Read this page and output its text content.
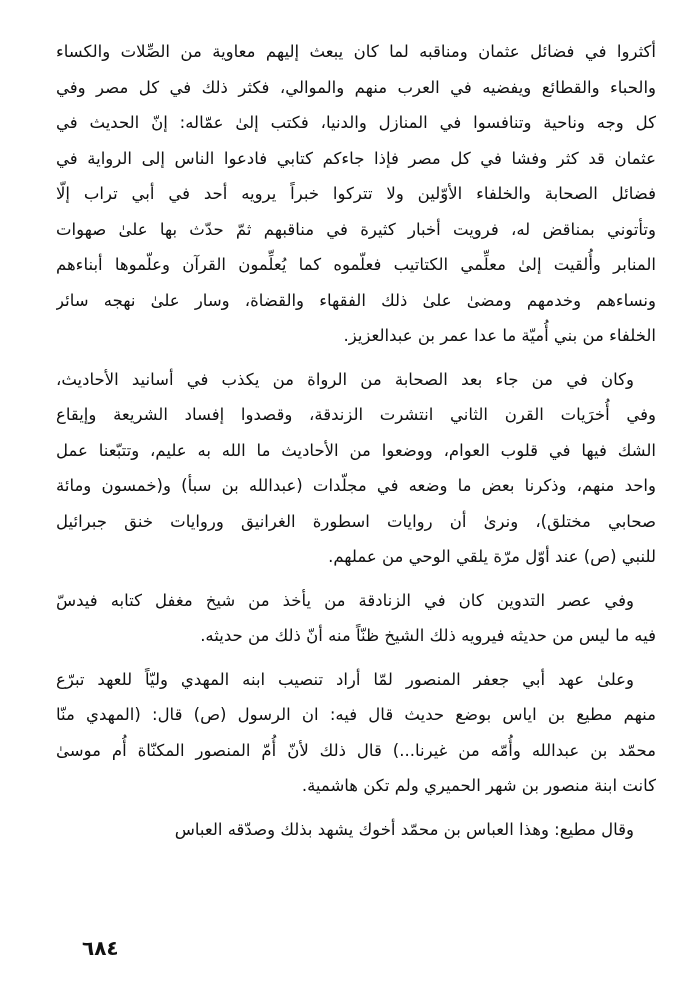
أكثروا في فضائل عثمان ومناقبه لما كان يبعث إليهم معاوية من الصِّلات والكساء
والحباء والقطائع ويفضيه في العرب منهم والموالي، فكثر ذلك في كل مصر وفي
كل وجه وناحية وتنافسوا في المنازل والدنيا، فكتب إلىٰ عمّاله: إنّ الحديث في
عثمان قد كثر وفشا في كل مصر فإذا جاءكم كتابي فادعوا الناس إلى الرواية في
فضائل الصحابة والخلفاء الأوّلين ولا تتركوا خبراً يرويه أحد في أبي تراب إلّا
وتأتوني بمناقض له، فرويت أخبار كثيرة في مناقبهم ثمّ حدّث بها علىٰ صهوات
المنابر وأُلقيت إلىٰ معلِّمي الكتاتيب فعلّموه كما يُعلِّمون القرآن وعلّموها أبناءهم
ونساءهم وخدمهم ومضىٰ علىٰ ذلك الفقهاء والقضاة، وسار علىٰ نهجه سائر
الخلفاء من بني أُميّة ما عدا عمر بن عبدالعزيز.
وكان في من جاء بعد الصحابة من الرواة من يكذب في أسانيد الأحاديث،
وفي أُخرَيات القرن الثاني انتشرت الزندقة، وقصدوا إفساد الشريعة وإيقاع
الشك فيها في قلوب العوام، ووضعوا من الأحاديث ما الله به عليم، وتتبّعنا عمل
واحد منهم، وذكرنا بعض ما وضعه في مجلّدات (عبدالله بن سبأ) و(خمسون ومائة
صحابي مختلق)، ونرىٰ أن روايات اسطورة الغرانيق وروايات خنق جبرائيل
للنبي (ص) عند أوّل مرّة يلقي الوحي من عملهم.
وفي عصر التدوين كان في الزنادقة من يأخذ من شيخ مغفل كتابه فيدسّ
فيه ما ليس من حديثه فيرويه ذلك الشيخ ظنّاً منه أنّ ذلك من حديثه.
وعلىٰ عهد أبي جعفر المنصور لمّا أراد تنصيب ابنه المهدي وليّاً للعهد تبرّع
منهم مطيع بن اياس بوضع حديث قال فيه: ان الرسول (ص) قال: (المهدي منّا
محمّد بن عبدالله وأُمّه من غيرنا...) قال ذلك لأنّ أُمّ المنصور المكنّاة أُم موسىٰ
كانت ابنة منصور بن شهر الحميري ولم تكن هاشمية.
وقال مطيع: وهذا العباس بن محمّد أخوك يشهد بذلك وصدّقه العباس
٦٨٤
